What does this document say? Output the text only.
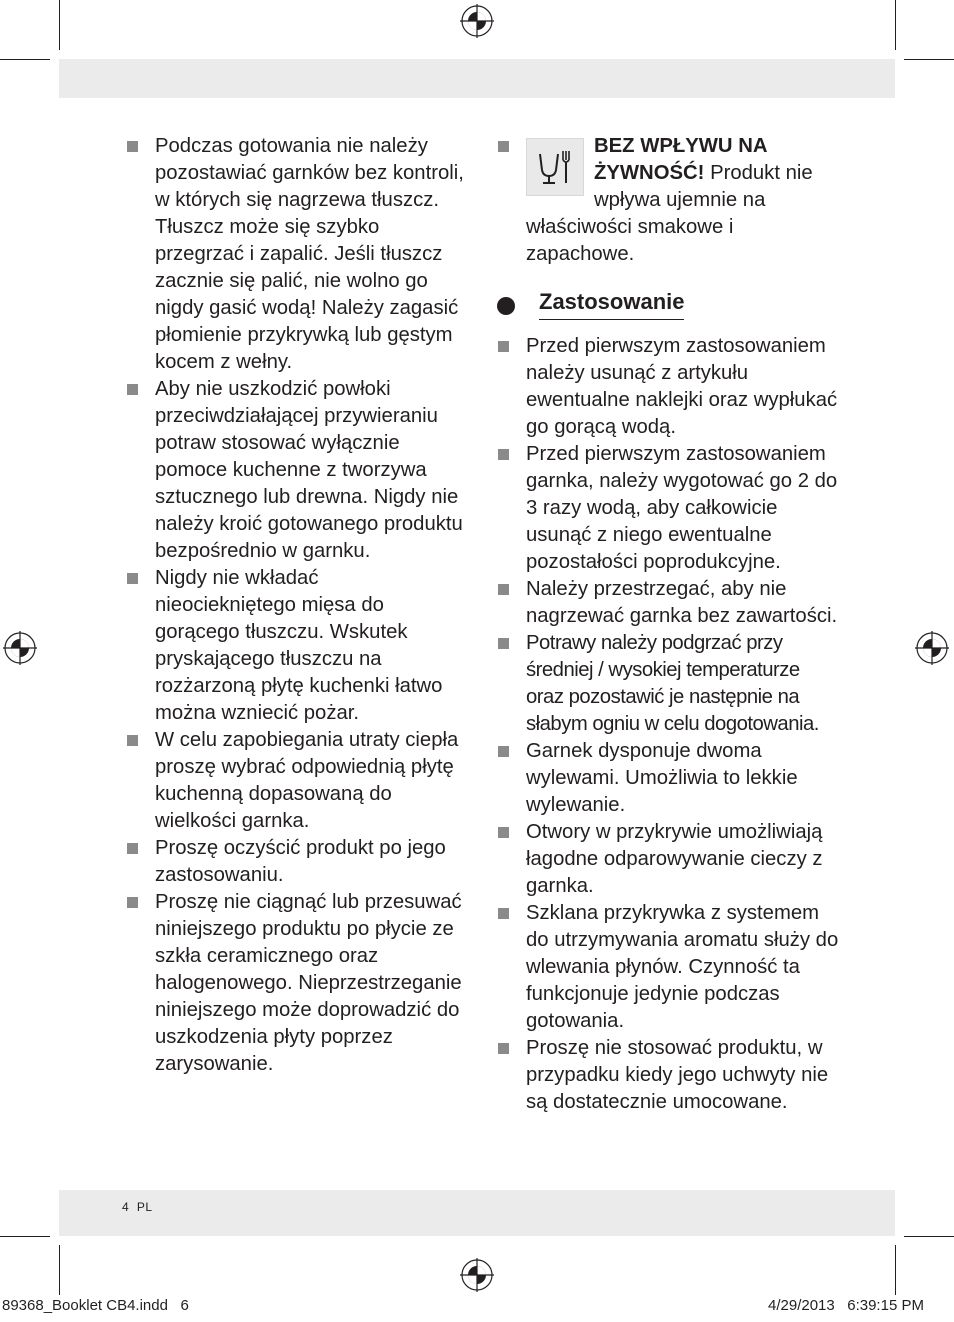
Podczas gotowania nie należy pozostawiać garnków bez kontroli, w których się nagrzewa tłuszcz. Tłuszcz może się szybko przegrzać i zapalić. Jeśli tłuszcz zacznie się palić, nie wolno go nigdy gasić wodą! Należy zagasić płomienie przykrywką lub gęstym kocem z wełny.
Aby nie uszkodzić powłoki przeciwdziałającej przywieraniu potraw stosować wyłącznie pomoce kuchenne z tworzywa sztucznego lub drewna. Nigdy nie należy kroić gotowanego produktu bezpośrednio w garnku.
Nigdy nie wkładać nieociekniętego mięsa do gorącego tłuszczu. Wskutek pryskającego tłuszczu na rozżarzoną płytę kuchenki łatwo można wzniecić pożar.
W celu zapobiegania utraty ciepła proszę wybrać odpowiednią płytę kuchenną dopasowaną do wielkości garnka.
Proszę oczyścić produkt po jego zastosowaniu.
Proszę nie ciągnąć lub przesuwać niniejszego produktu po płycie ze szkła ceramicznego oraz halogenowego. Nieprzestrzeganie niniejszego może doprowadzić do uszkodzenia płyty poprzez zarysowanie.
BEZ WPŁYWU NA ŻYWNOŚĆ! Produkt nie wpływa ujemnie na właściwości smakowe i zapachowe.
Zastosowanie
Przed pierwszym zastosowaniem należy usunąć z artykułu ewentualne naklejki oraz wypłukać go gorącą wodą.
Przed pierwszym zastosowaniem garnka, należy wygotować go 2 do 3 razy wodą, aby całkowicie usunąć z niego ewentualne pozostałości poprodukcyjne.
Należy przestrzegać, aby nie nagrzewać garnka bez zawartości.
Potrawy należy podgrzać przy średniej / wysokiej temperaturze oraz pozostawić je następnie na słabym ogniu w celu dogotowania.
Garnek dysponuje dwoma wylewami. Umożliwia to lekkie wylewanie.
Otwory w przykrywie umożliwiają łagodne odparowywanie cieczy z garnka.
Szklana przykrywka z systemem do utrzymywania aromatu służy do wlewania płynów. Czynność ta funkcjonuje jedynie podczas gotowania.
Proszę nie stosować produktu, w przypadku kiedy jego uchwyty nie są dostatecznie umocowane.
4 PL
89368_Booklet CB4.indd   6	4/29/2013   6:39:15 PM
